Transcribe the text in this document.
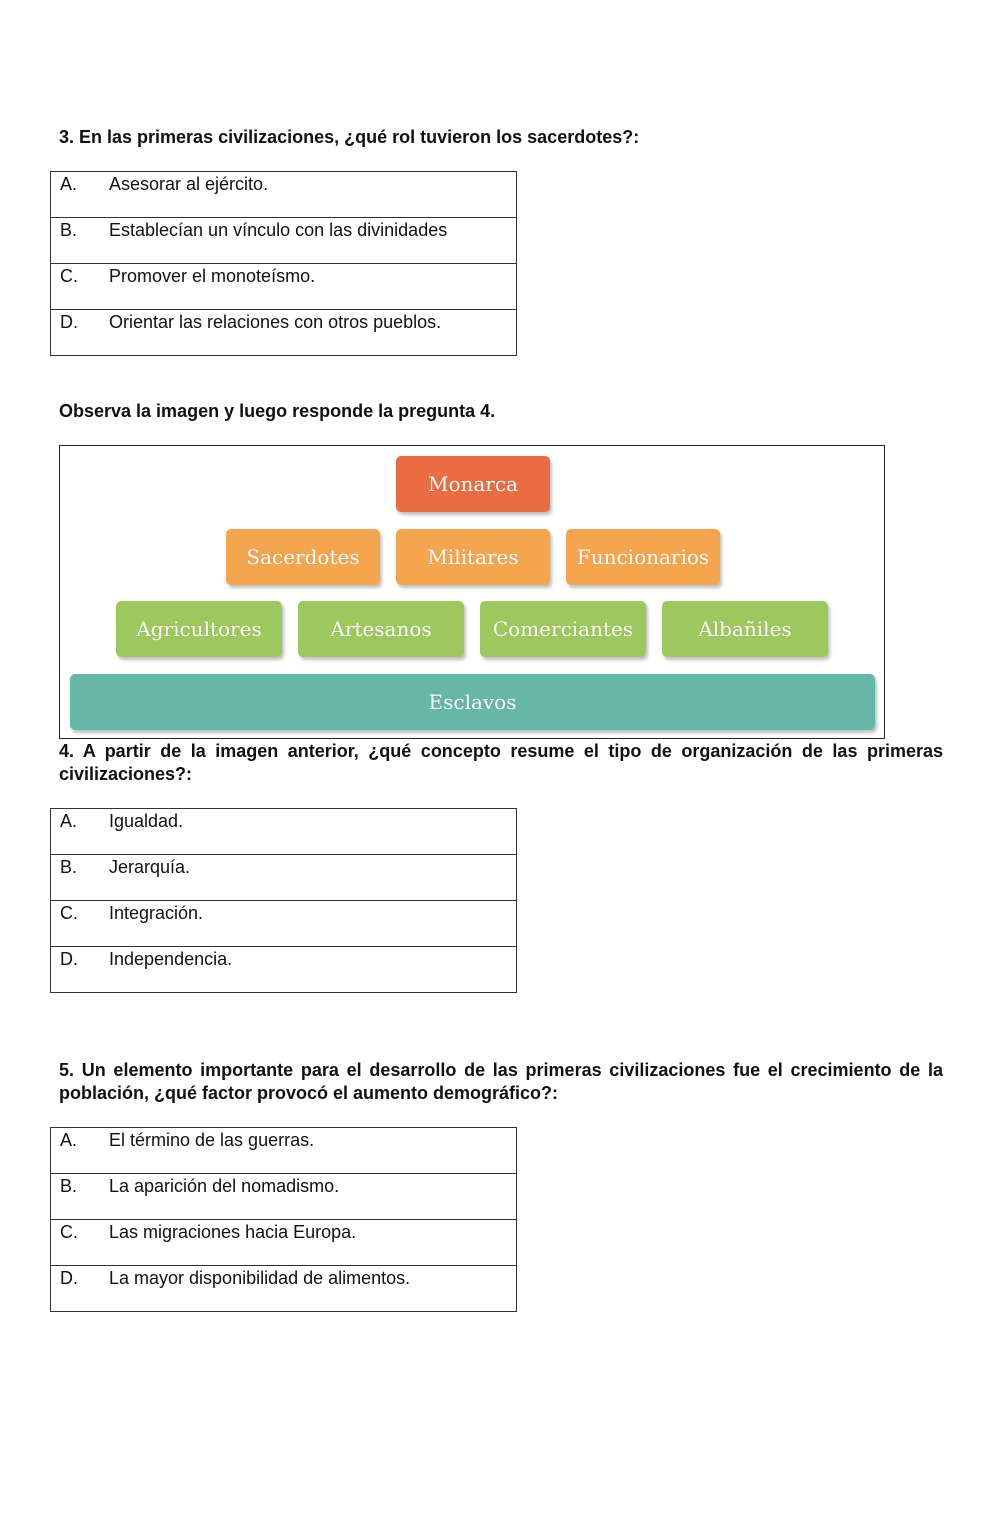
3. En las primeras civilizaciones, ¿qué rol tuvieron los sacerdotes?:

A.	Asesorar al ejército.

B.	Establecían un vínculo con las divinidades

C.	Promover el monoteísmo.

D.	Orientar las relaciones con otros pueblos.

Observa la imagen y luego responde la pregunta 4.

Monarca
Sacerdotes	Militares	Funcionarios
Agricultores	Artesanos	Comerciantes	Albañiles
Esclavos

4. A partir de la imagen anterior, ¿qué concepto resume el tipo de organización de las primeras civilizaciones?:

A.	Igualdad.

B.	Jerarquía.

C.	Integración.

D.	Independencia.

5. Un elemento importante para el desarrollo de las primeras civilizaciones fue el crecimiento de la población, ¿qué factor provocó el aumento demográfico?:

A.	El término de las guerras.

B.	La aparición del nomadismo.

C.	Las migraciones hacia Europa.

D.	La mayor disponibilidad de alimentos.
